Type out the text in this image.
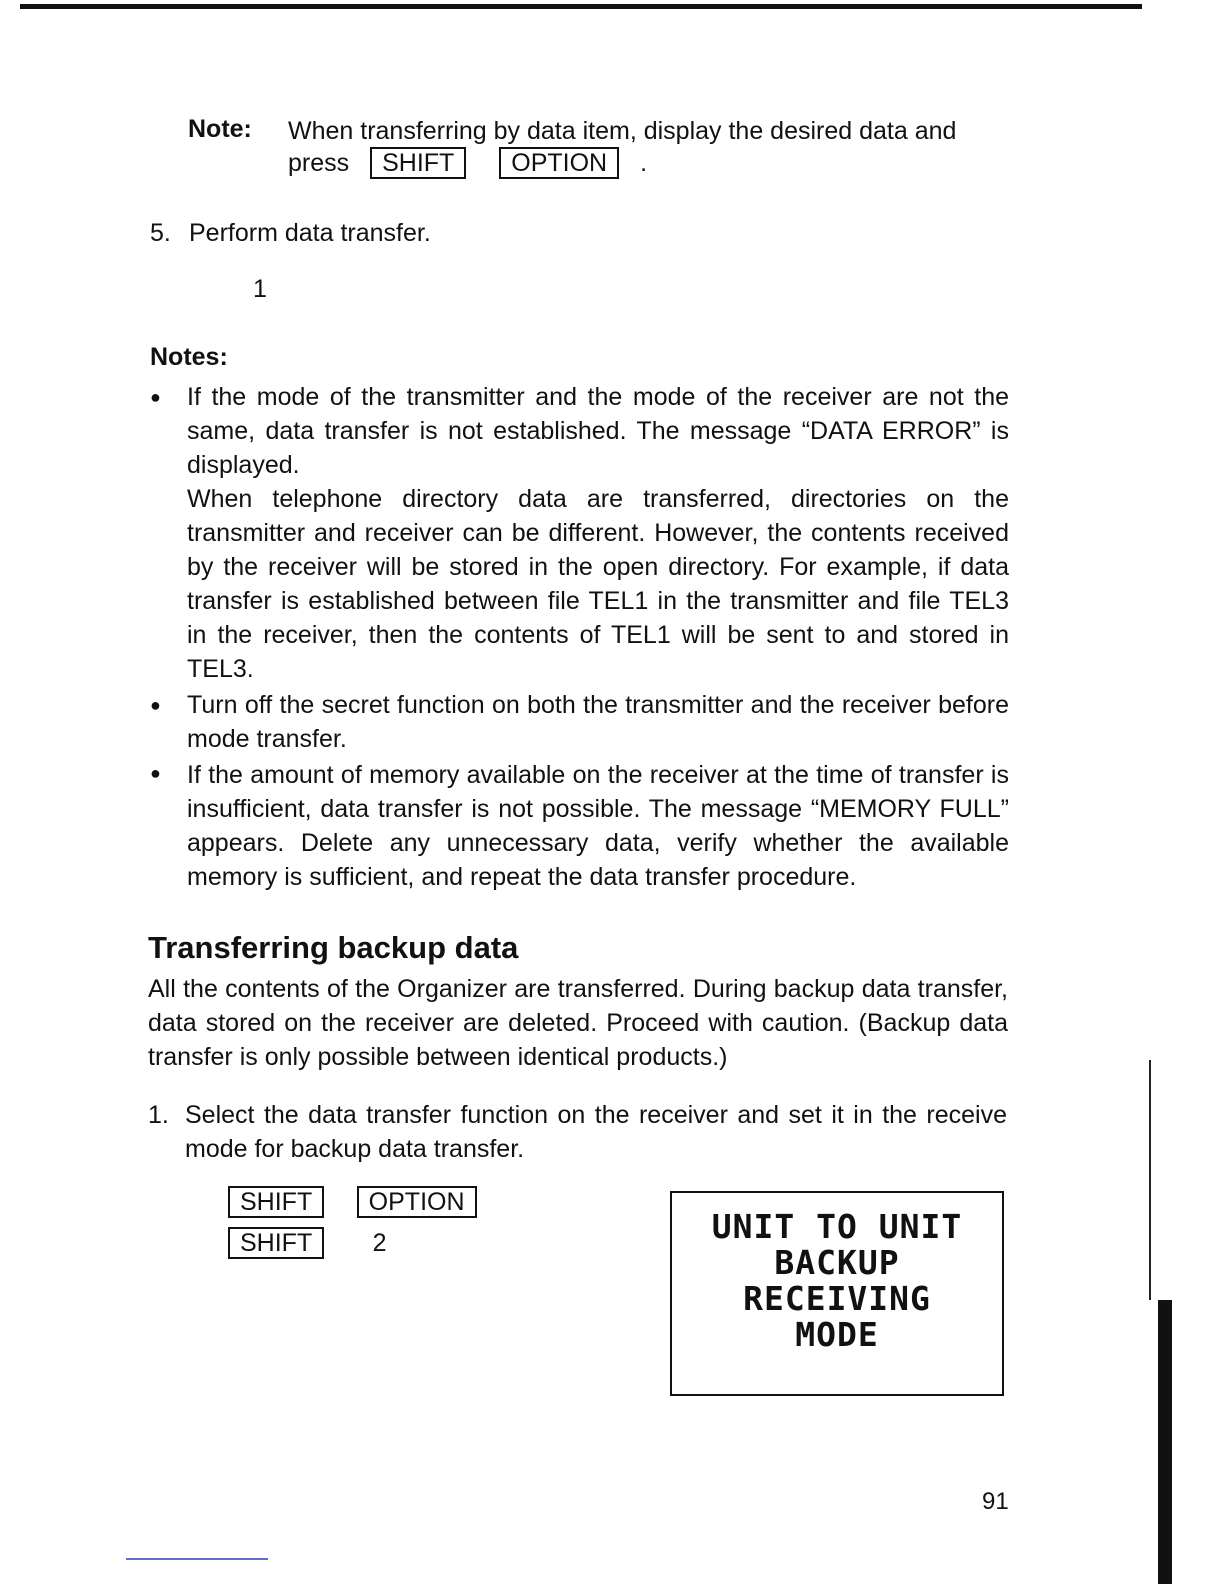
Note: When transferring by data item, display the desired data and
press SHIFT OPTION .
5. Perform data transfer.
1
Notes:
● If the mode of the transmitter and the mode of the receiver are not the same, data transfer is not established. The message “DATA ERROR” is displayed.
When telephone directory data are transferred, directories on the transmitter and receiver can be different. However, the contents received by the receiver will be stored in the open directory. For example, if data transfer is established between file TEL1 in the transmitter and file TEL3 in the receiver, then the contents of TEL1 will be sent to and stored in TEL3.
● Turn off the secret function on both the transmitter and the receiver before mode transfer.
● If the amount of memory available on the receiver at the time of transfer is insufficient, data transfer is not possible. The message “MEMORY FULL” appears. Delete any unnecessary data, verify whether the available memory is sufficient, and repeat the data transfer procedure.
Transferring backup data
All the contents of the Organizer are transferred. During backup data transfer, data stored on the receiver are deleted. Proceed with caution. (Backup data transfer is only possible between identical products.)
1. Select the data transfer function on the receiver and set it in the receive mode for backup data transfer.
SHIFT OPTION
SHIFT 2	UNIT TO UNIT
BACKUP
RECEIVING
MODE
91
